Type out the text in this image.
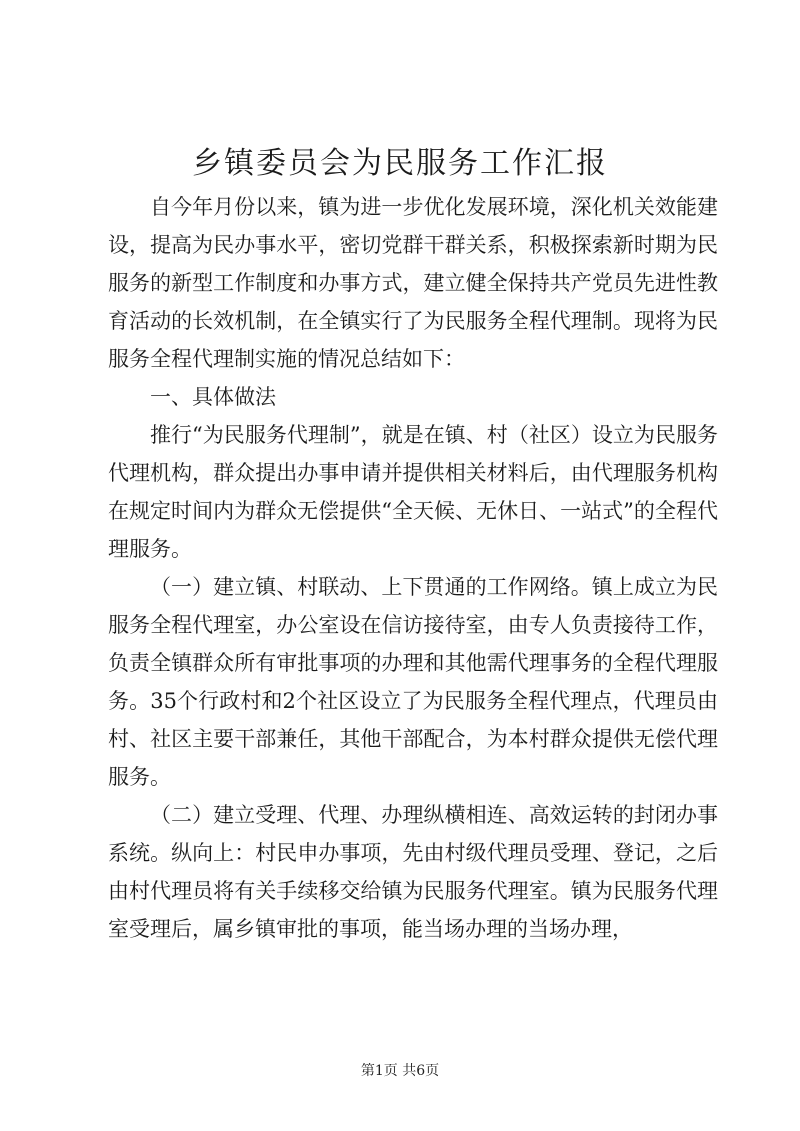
乡镇委员会为民服务工作汇报

自今年月份以来，镇为进一步优化发展环境，深化机关效能建设，提高为民办事水平，密切党群干群关系，积极探索新时期为民服务的新型工作制度和办事方式，建立健全保持共产党员先进性教育活动的长效机制，在全镇实行了为民服务全程代理制。现将为民服务全程代理制实施的情况总结如下：

一、具体做法

推行“为民服务代理制”，就是在镇、村（社区）设立为民服务代理机构，群众提出办事申请并提供相关材料后，由代理服务机构在规定时间内为群众无偿提供“全天候、无休日、一站式”的全程代理服务。

（一）建立镇、村联动、上下贯通的工作网络。镇上成立为民服务全程代理室，办公室设在信访接待室，由专人负责接待工作，负责全镇群众所有审批事项的办理和其他需代理事务的全程代理服务。35个行政村和2个社区设立了为民服务全程代理点，代理员由村、社区主要干部兼任，其他干部配合，为本村群众提供无偿代理服务。

（二）建立受理、代理、办理纵横相连、高效运转的封闭办事系统。纵向上：村民申办事项，先由村级代理员受理、登记，之后由村代理员将有关手续移交给镇为民服务代理室。镇为民服务代理室受理后，属乡镇审批的事项，能当场办理的当场办理，

第1页 共6页
